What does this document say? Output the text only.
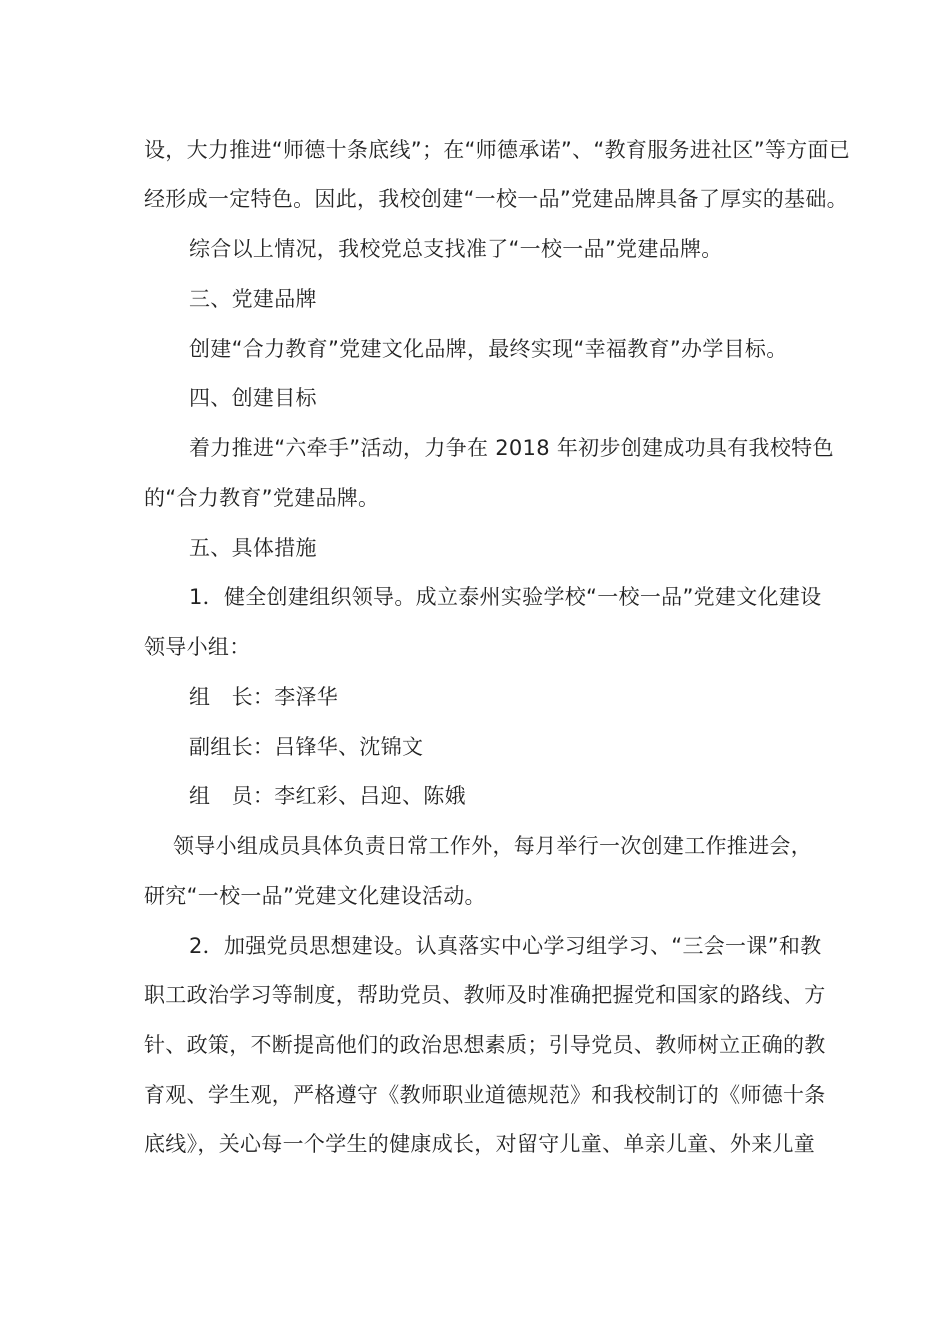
设，大力推进“师德十条底线”；在“师德承诺”、“教育服务进社区”等方面已
经形成一定特色。因此，我校创建“一校一品”党建品牌具备了厚实的基础。
综合以上情况，我校党总支找准了“一校一品”党建品牌。
三、党建品牌
创建“合力教育”党建文化品牌，最终实现“幸福教育”办学目标。
四、创建目标
着力推进“六牵手”活动，力争在 2018 年初步创建成功具有我校特色
的“合力教育”党建品牌。
五、具体措施
1．健全创建组织领导。成立泰州实验学校“一校一品”党建文化建设
领导小组：
组　长：李泽华
副组长：吕锋华、沈锦文
组　员：李红彩、吕迎、陈娥
领导小组成员具体负责日常工作外，每月举行一次创建工作推进会，
研究“一校一品”党建文化建设活动。
2．加强党员思想建设。认真落实中心学习组学习、“三会一课”和教
职工政治学习等制度，帮助党员、教师及时准确把握党和国家的路线、方
针、政策，不断提高他们的政治思想素质；引导党员、教师树立正确的教
育观、学生观，严格遵守《教师职业道德规范》和我校制订的《师德十条
底线》，关心每一个学生的健康成长，对留守儿童、单亲儿童、外来儿童
